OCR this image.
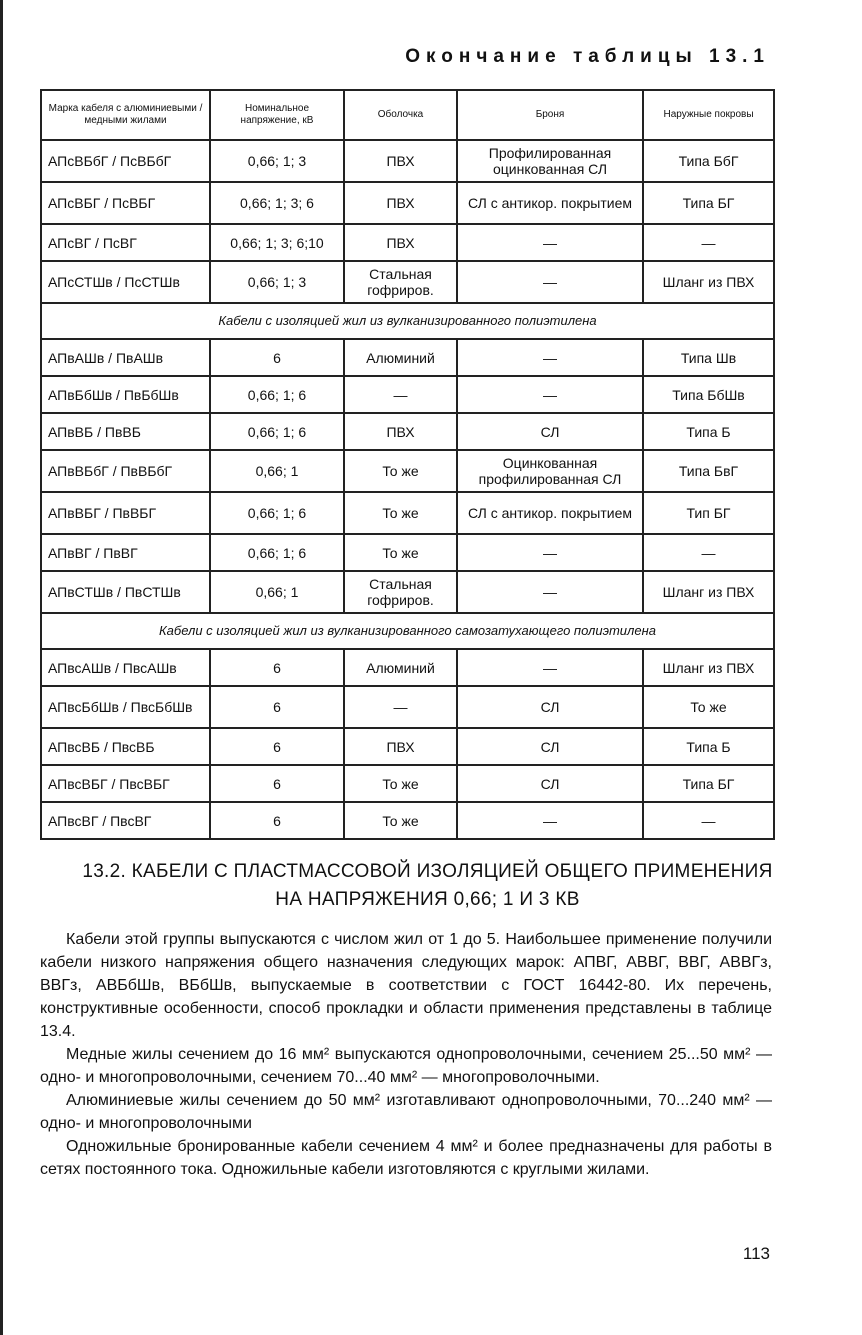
Окончание таблицы 13.1
Марка кабеля с алюминиевыми / медными жилами	Номинальное напряжение, кВ	Оболочка	Броня	Наружные покровы
АПсВБбГ / ПсВБбГ	0,66; 1; 3	ПВХ	Профилированная оцинкованная СЛ	Типа БбГ
АПсВБГ / ПсВБГ	0,66; 1; 3; 6	ПВХ	СЛ с антикор. покрытием	Типа БГ
АПсВГ / ПсВГ	0,66; 1; 3; 6;10	ПВХ	—	—
АПсСТШв / ПсСТШв	0,66; 1; 3	Стальная гофриров.	—	Шланг из ПВХ
Кабели с изоляцией жил из вулканизированного полиэтилена				
АПвАШв / ПвАШв	6	Алюминий	—	Типа Шв
АПвБбШв / ПвБбШв	0,66; 1; 6	—	—	Типа БбШв
АПвВБ / ПвВБ	0,66; 1; 6	ПВХ	СЛ	Типа Б
АПвВБбГ / ПвВБбГ	0,66; 1	То же	Оцинкованная профилированная СЛ	Типа БвГ
АПвВБГ / ПвВБГ	0,66; 1; 6	То же	СЛ с антикор. покрытием	Тип БГ
АПвВГ / ПвВГ	0,66; 1; 6	То же	—	—
АПвСТШв / ПвСТШв	0,66; 1	Стальная гофриров.	—	Шланг из ПВХ
Кабели с изоляцией жил из вулканизированного самозатухающего полиэтилена				
АПвсАШв / ПвсАШв	6	Алюминий	—	Шланг из ПВХ
АПвсБбШв / ПвсБбШв	6	—	СЛ	То же
АПвсВБ / ПвсВБ	6	ПВХ	СЛ	Типа Б
АПвсВБГ / ПвсВБГ	6	То же	СЛ	Типа БГ
АПвсВГ / ПвсВГ	6	То же	—	—
13.2. КАБЕЛИ С ПЛАСТМАССОВОЙ ИЗОЛЯЦИЕЙ ОБЩЕГО ПРИМЕНЕНИЯ
НА НАПРЯЖЕНИЯ 0,66; 1 И 3 КВ

Кабели этой группы выпускаются с числом жил от 1 до 5. Наибольшее применение получили кабели низкого напряжения общего назначения следующих марок: АПВГ, АВВГ, ВВГ, АВВГз, ВВГз, АВБбШв, ВБбШв, выпускаемые в соответствии с ГОСТ 16442-80. Их перечень, конструктивные особенности, способ прокладки и области применения представлены в таблице 13.4.

Медные жилы сечением до 16 мм² выпускаются однопроволочными, сечением 25...50 мм² — одно- и многопроволочными, сечением 70...40 мм² — многопроволочными.

Алюминиевые жилы сечением до 50 мм² изготавливают однопроволочными, 70...240 мм² — одно- и многопроволочными

Одножильные бронированные кабели сечением 4 мм² и более предназначены для работы в сетях постоянного тока. Одножильные кабели изготовляются с круглыми жилами.

113
